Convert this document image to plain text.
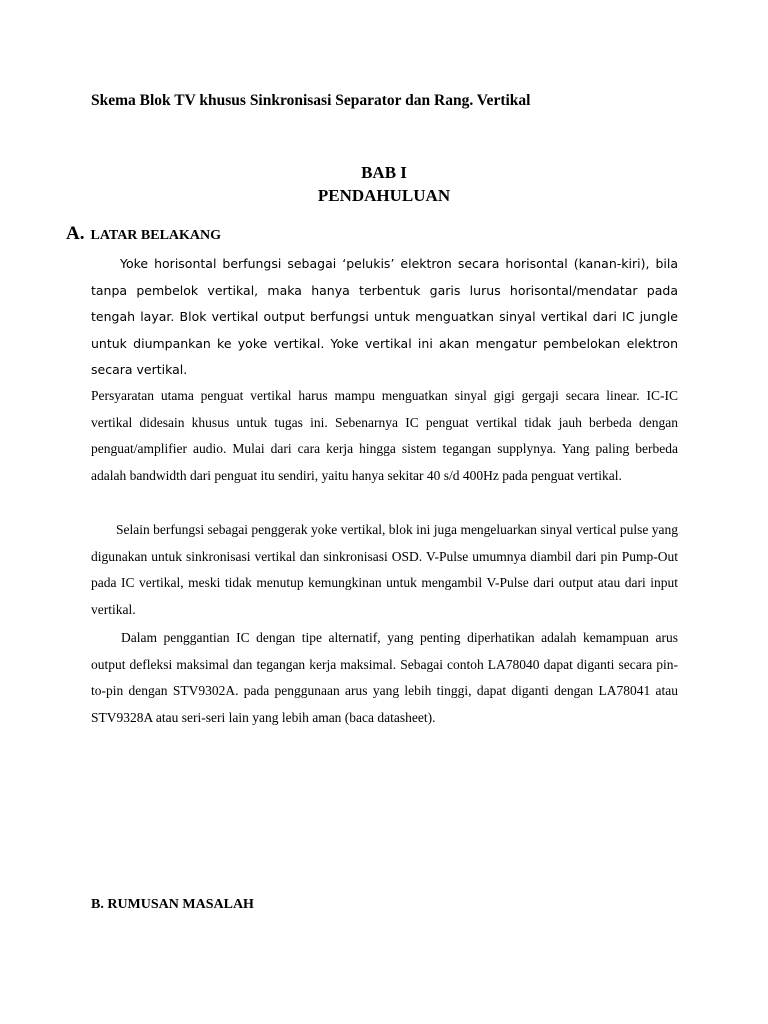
Skema Blok TV khusus Sinkronisasi Separator dan Rang. Vertikal
BAB I
PENDAHULUAN
A. LATAR BELAKANG
Yoke horisontal berfungsi sebagai ‘pelukis’ elektron secara horisontal (kanan-kiri), bila tanpa pembelok vertikal, maka hanya terbentuk garis lurus horisontal/mendatar pada tengah layar. Blok vertikal output berfungsi untuk menguatkan sinyal vertikal dari IC jungle untuk diumpankan ke yoke vertikal. Yoke vertikal ini akan mengatur pembelokan elektron secara vertikal.
Persyaratan utama penguat vertikal harus mampu menguatkan sinyal gigi gergaji secara linear. IC-IC vertikal didesain khusus untuk tugas ini. Sebenarnya IC penguat vertikal tidak jauh berbeda dengan penguat/amplifier audio. Mulai dari cara kerja hingga sistem tegangan supplynya. Yang paling berbeda adalah bandwidth dari penguat itu sendiri, yaitu hanya sekitar 40 s/d 400Hz pada penguat vertikal.
Selain berfungsi sebagai penggerak yoke vertikal, blok ini juga mengeluarkan sinyal vertical pulse yang digunakan untuk sinkronisasi vertikal dan sinkronisasi OSD. V-Pulse umumnya diambil dari pin Pump-Out pada IC vertikal, meski tidak menutup kemungkinan untuk mengambil V-Pulse dari output atau dari input vertikal.
Dalam penggantian IC dengan tipe alternatif, yang penting diperhatikan adalah kemampuan arus output defleksi maksimal dan tegangan kerja maksimal. Sebagai contoh LA78040 dapat diganti secara pin-to-pin dengan STV9302A. pada penggunaan arus yang lebih tinggi, dapat diganti dengan LA78041 atau STV9328A atau seri-seri lain yang lebih aman (baca datasheet).
B. RUMUSAN MASALAH
